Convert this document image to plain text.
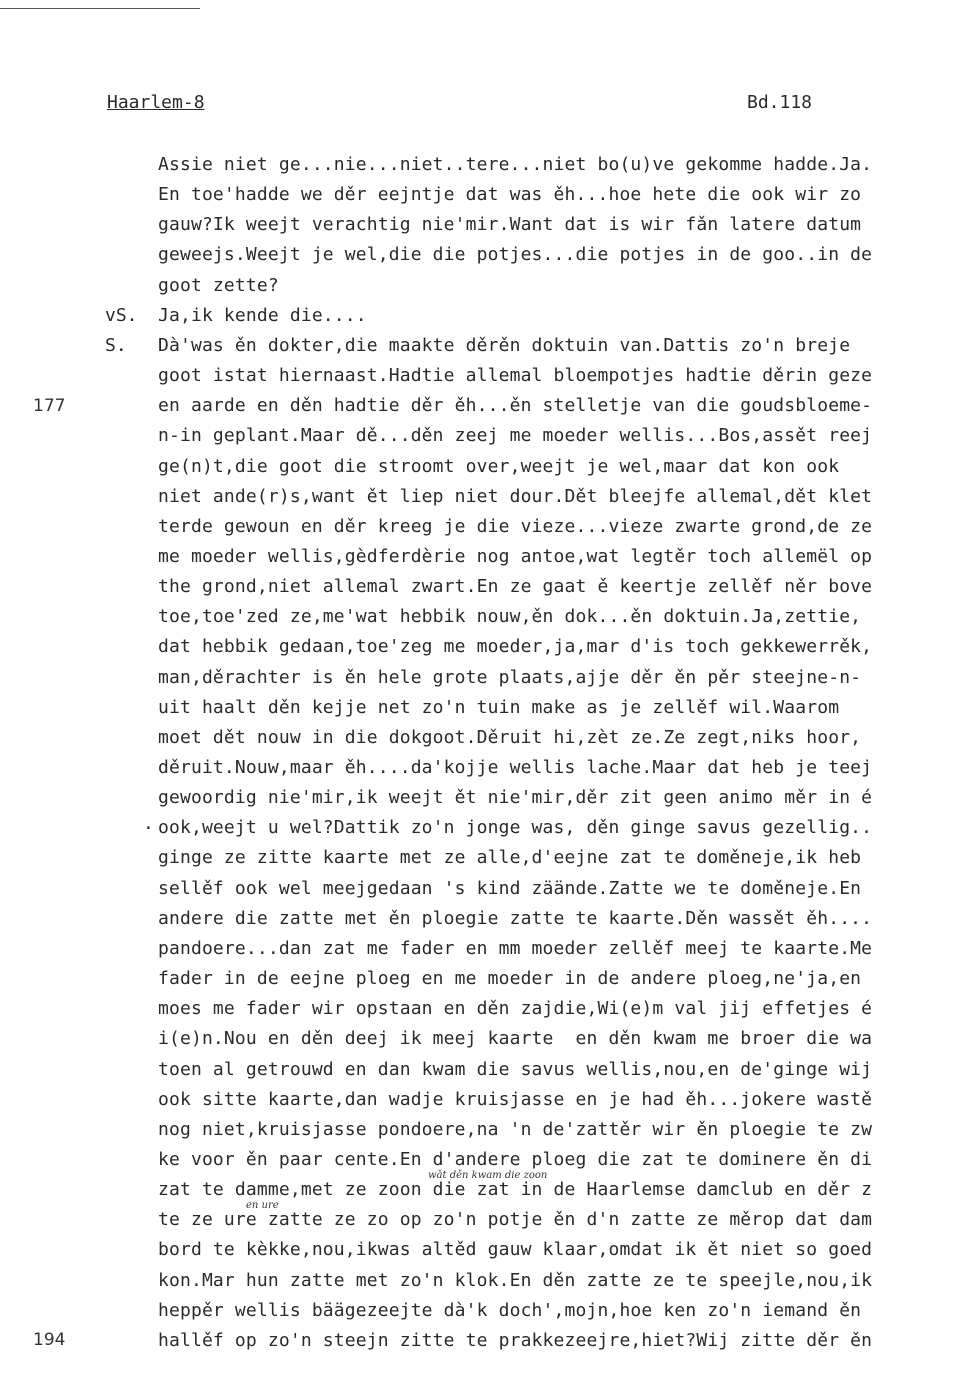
Haarlem-8	Bd.118
177
194
vS.
S.
·
wǎt děn kwam die zoon
en ure
Assie niet ge...nie...niet..tere...niet bo(u)ve gekomme hadde.Ja.
En toe'hadde we děr eejntje dat was ěh...hoe hete die ook wir zo
gauw?Ik weejt verachtig nie'mir.Want dat is wir fǎn latere datum
geweejs.Weejt je wel,die die potjes...die potjes in de goo..in de
goot zette?
Ja,ik kende die....
Dà'was ěn dokter,die maakte děrěn doktuin van.Dattis zo'n breje
goot istat hiernaast.Hadtie allemal bloempotjes hadtie děrin geze
en aarde en děn hadtie děr ěh...ěn stelletje van die goudsbloeme-
n-in geplant.Maar dě...děn zeej me moeder wellis...Bos,assět reej
ge(n)t,die goot die stroomt over,weejt je wel,maar dat kon ook
niet ande(r)s,want ět liep niet dour.Dět bleejfe allemal,dět klet
terde gewoun en děr kreeg je die vieze...vieze zwarte grond,de ze
me moeder wellis,gèdferdèrie nog antoe,wat legtěr toch allemël op
the grond,niet allemal zwart.En ze gaat ě keertje zellěf něr bove
toe,toe'zed ze,me'wat hebbik nouw,ěn dok...ěn doktuin.Ja,zettie,
dat hebbik gedaan,toe'zeg me moeder,ja,mar d'is toch gekkewerrěk,
man,děrachter is ěn hele grote plaats,ajje děr ěn pěr steejne-n-
uit haalt děn kejje net zo'n tuin make as je zellěf wil.Waarom
moet dět nouw in die dokgoot.Děruit hi,zèt ze.Ze zegt,niks hoor,
děruit.Nouw,maar ěh....da'kojje wellis lache.Maar dat heb je teej
gewoordig nie'mir,ik weejt ět nie'mir,děr zit geen animo měr in é
ook,weejt u wel?Dattik zo'n jonge was, děn ginge savus gezellig..
ginge ze zitte kaarte met ze alle,d'eejne zat te doměneje,ik heb
sellěf ook wel meejgedaan 's kind zäände.Zatte we te doměneje.En
andere die zatte met ěn ploegie zatte te kaarte.Děn wassět ěh....
pandoere...dan zat me fader en mm moeder zellěf meej te kaarte.Me
fader in de eejne ploeg en me moeder in de andere ploeg,ne'ja,en
moes me fader wir opstaan en děn zajdie,Wi(e)m val jij effetjes é
i(e)n.Nou en děn deej ik meej kaarte  en děn kwam me broer die wa
toen al getrouwd en dan kwam die savus wellis,nou,en de'ginge wij
ook sitte kaarte,dan wadje kruisjasse en je had ěh...jokere wastě
nog niet,kruisjasse pondoere,na 'n de'zattěr wir ěn ploegie te zw
ke voor ěn paar cente.En d'andere ploeg die zat te dominere ěn di
zat te damme,met ze zoon die zat in de Haarlemse damclub en děr z
te ze ure zatte ze zo op zo'n potje ěn d'n zatte ze měrop dat dam
bord te kèkke,nou,ikwas altěd gauw klaar,omdat ik ět niet so goed
kon.Mar hun zatte met zo'n klok.En děn zatte ze te speejle,nou,ik
heppěr wellis bäägezeejte dà'k doch',mojn,hoe ken zo'n iemand ěn
hallěf op zo'n steejn zitte te prakkezeejre,hiet?Wij zitte děr ěn
